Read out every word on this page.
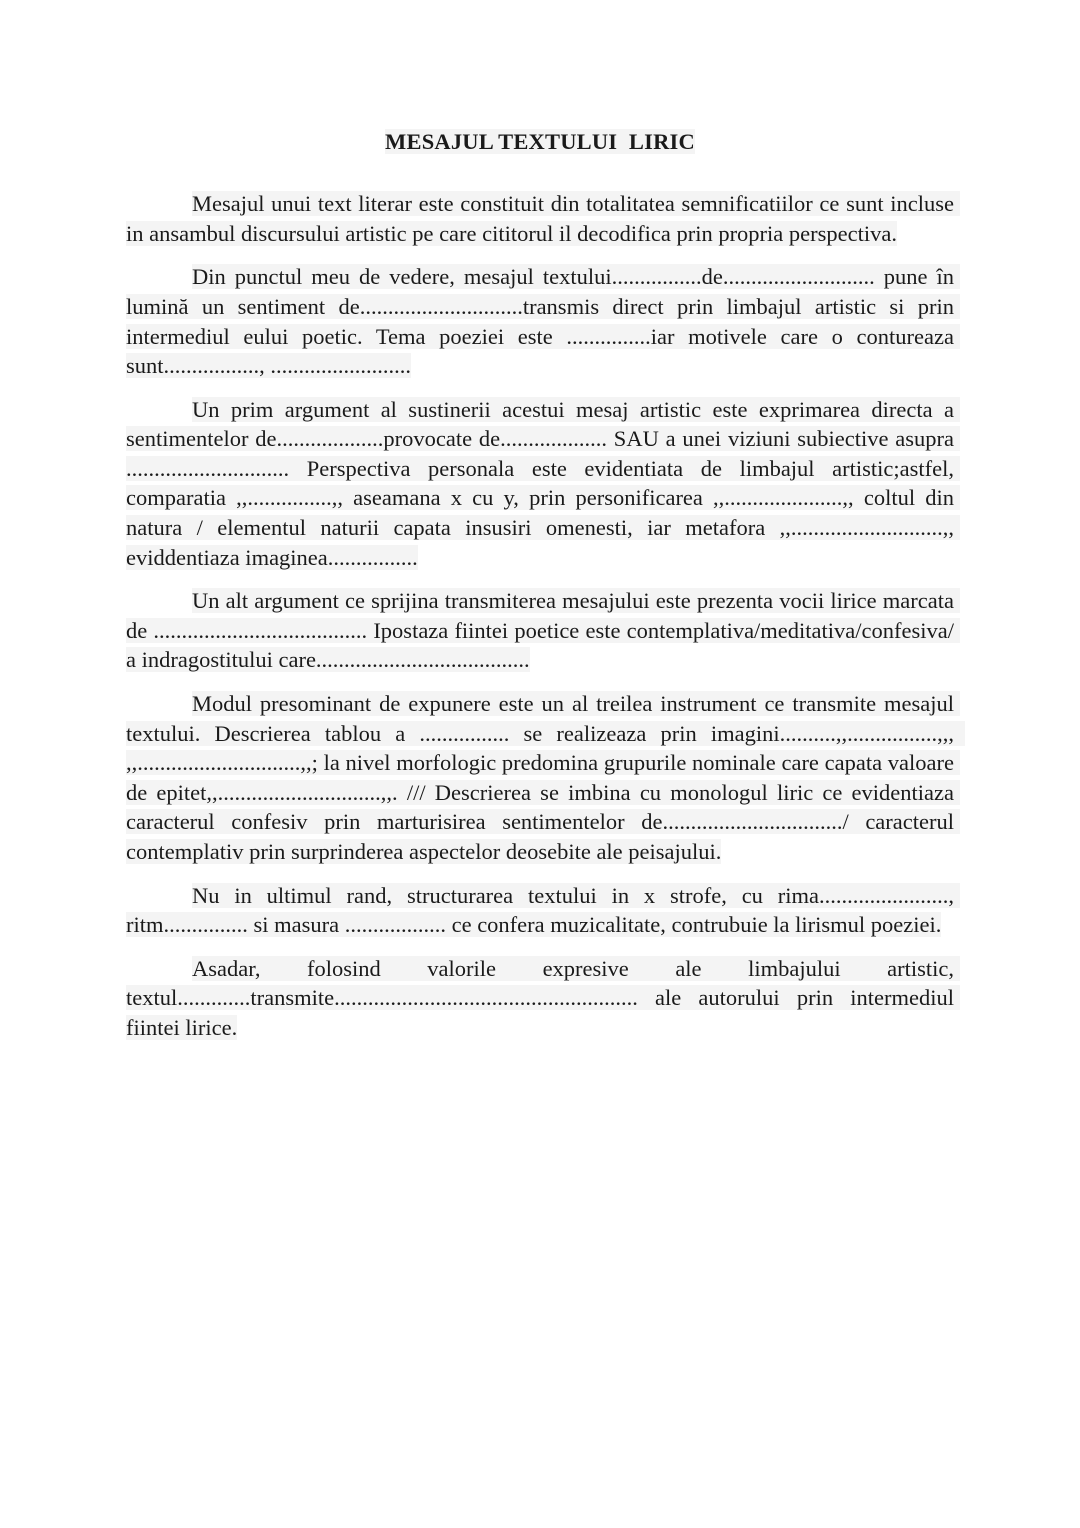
MESAJUL TEXTULUI  LIRIC

Mesajul unui text literar este constituit din totalitatea semnificatiilor ce sunt incluse in ansambul discursului artistic pe care cititorul il decodifica prin propria perspectiva.

Din punctul meu de vedere, mesajul textului................de........................... pune în lumină un sentiment de.............................transmis direct prin limbajul artistic si prin intermediul eului poetic. Tema poeziei este ...............iar motivele care o contureaza sunt................., .........................

Un prim argument al sustinerii acestui mesaj artistic este exprimarea directa a sentimentelor de...................provocate de................... SAU a unei viziuni subiective asupra ............................. Perspectiva personala este evidentiata de limbajul artistic;astfel, comparatia ,,...............,, aseamana x cu y, prin personificarea ,,.....................,, coltul din natura / elementul naturii capata insusiri omenesti, iar metafora ,,...........................,, eviddentiaza imaginea................

Un alt argument ce sprijina transmiterea mesajului este prezenta vocii lirice marcata de ...................................... Ipostaza fiintei poetice este contemplativa/meditativa/confesiva/ a indragostitului care......................................

Modul presominant de expunere este un al treilea instrument ce transmite mesajul textului. Descrierea tablou a ................ se realizeaza prin imagini..........,,................,,,  ,,.............................,,; la nivel morfologic predomina grupurile nominale care capata valoare de epitet,,.............................,,. /// Descrierea se imbina cu monologul liric ce evidentiaza caracterul confesiv prin marturisirea sentimentelor de................................/ caracterul contemplativ prin surprinderea aspectelor deosebite ale peisajului.

Nu in ultimul rand, structurarea textului in x strofe, cu rima......................., ritm............... si masura .................. ce confera muzicalitate, contrubuie la lirismul poeziei.

Asadar, folosind valorile expresive ale limbajului artistic, textul.............transmite...................................................... ale autorului prin intermediul fiintei lirice.
